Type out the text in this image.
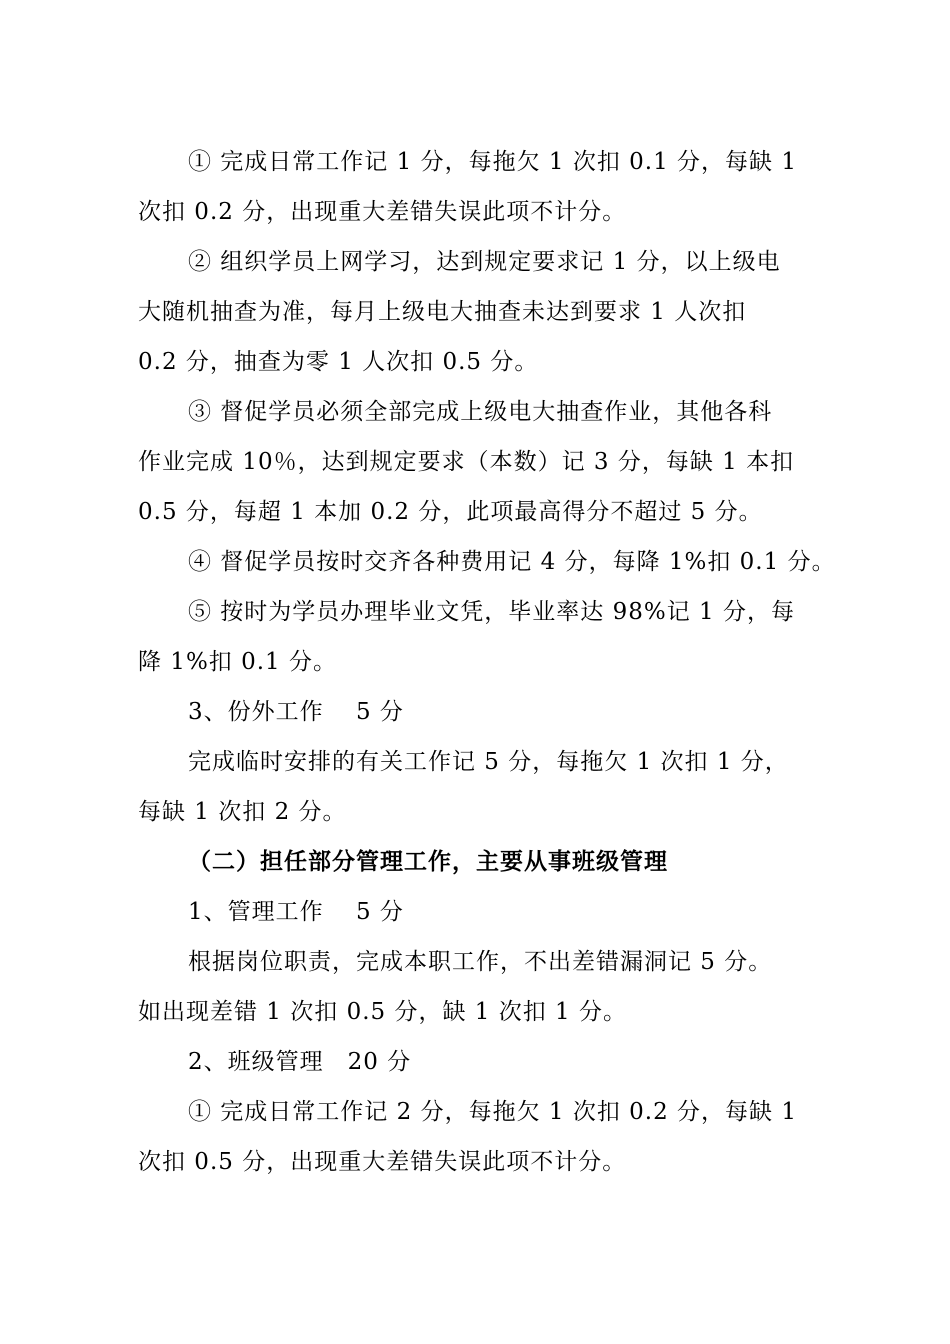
① 完成日常工作记 1 分，每拖欠 1 次扣 0.1 分，每缺 1
次扣 0.2 分，出现重大差错失误此项不计分。
② 组织学员上网学习，达到规定要求记 1 分，以上级电
大随机抽查为准，每月上级电大抽查未达到要求 1 人次扣
0.2 分，抽查为零 1 人次扣 0.5 分。
③ 督促学员必须全部完成上级电大抽查作业，其他各科
作业完成 10％，达到规定要求（本数）记 3 分，每缺 1 本扣
0.5 分，每超 1 本加 0.2 分，此项最高得分不超过 5 分。
④ 督促学员按时交齐各种费用记 4 分，每降 1%扣 0.1 分。
⑤ 按时为学员办理毕业文凭，毕业率达 98%记 1 分，每
降 1%扣 0.1 分。
3、份外工作　 5 分
完成临时安排的有关工作记 5 分，每拖欠 1 次扣 1 分，
每缺 1 次扣 2 分。
（二）担任部分管理工作，主要从事班级管理
1、管理工作　 5 分
根据岗位职责，完成本职工作，不出差错漏洞记 5 分。
如出现差错 1 次扣 0.5 分，缺 1 次扣 1 分。
2、班级管理　20 分
① 完成日常工作记 2 分，每拖欠 1 次扣 0.2 分，每缺 1
次扣 0.5 分，出现重大差错失误此项不计分。
